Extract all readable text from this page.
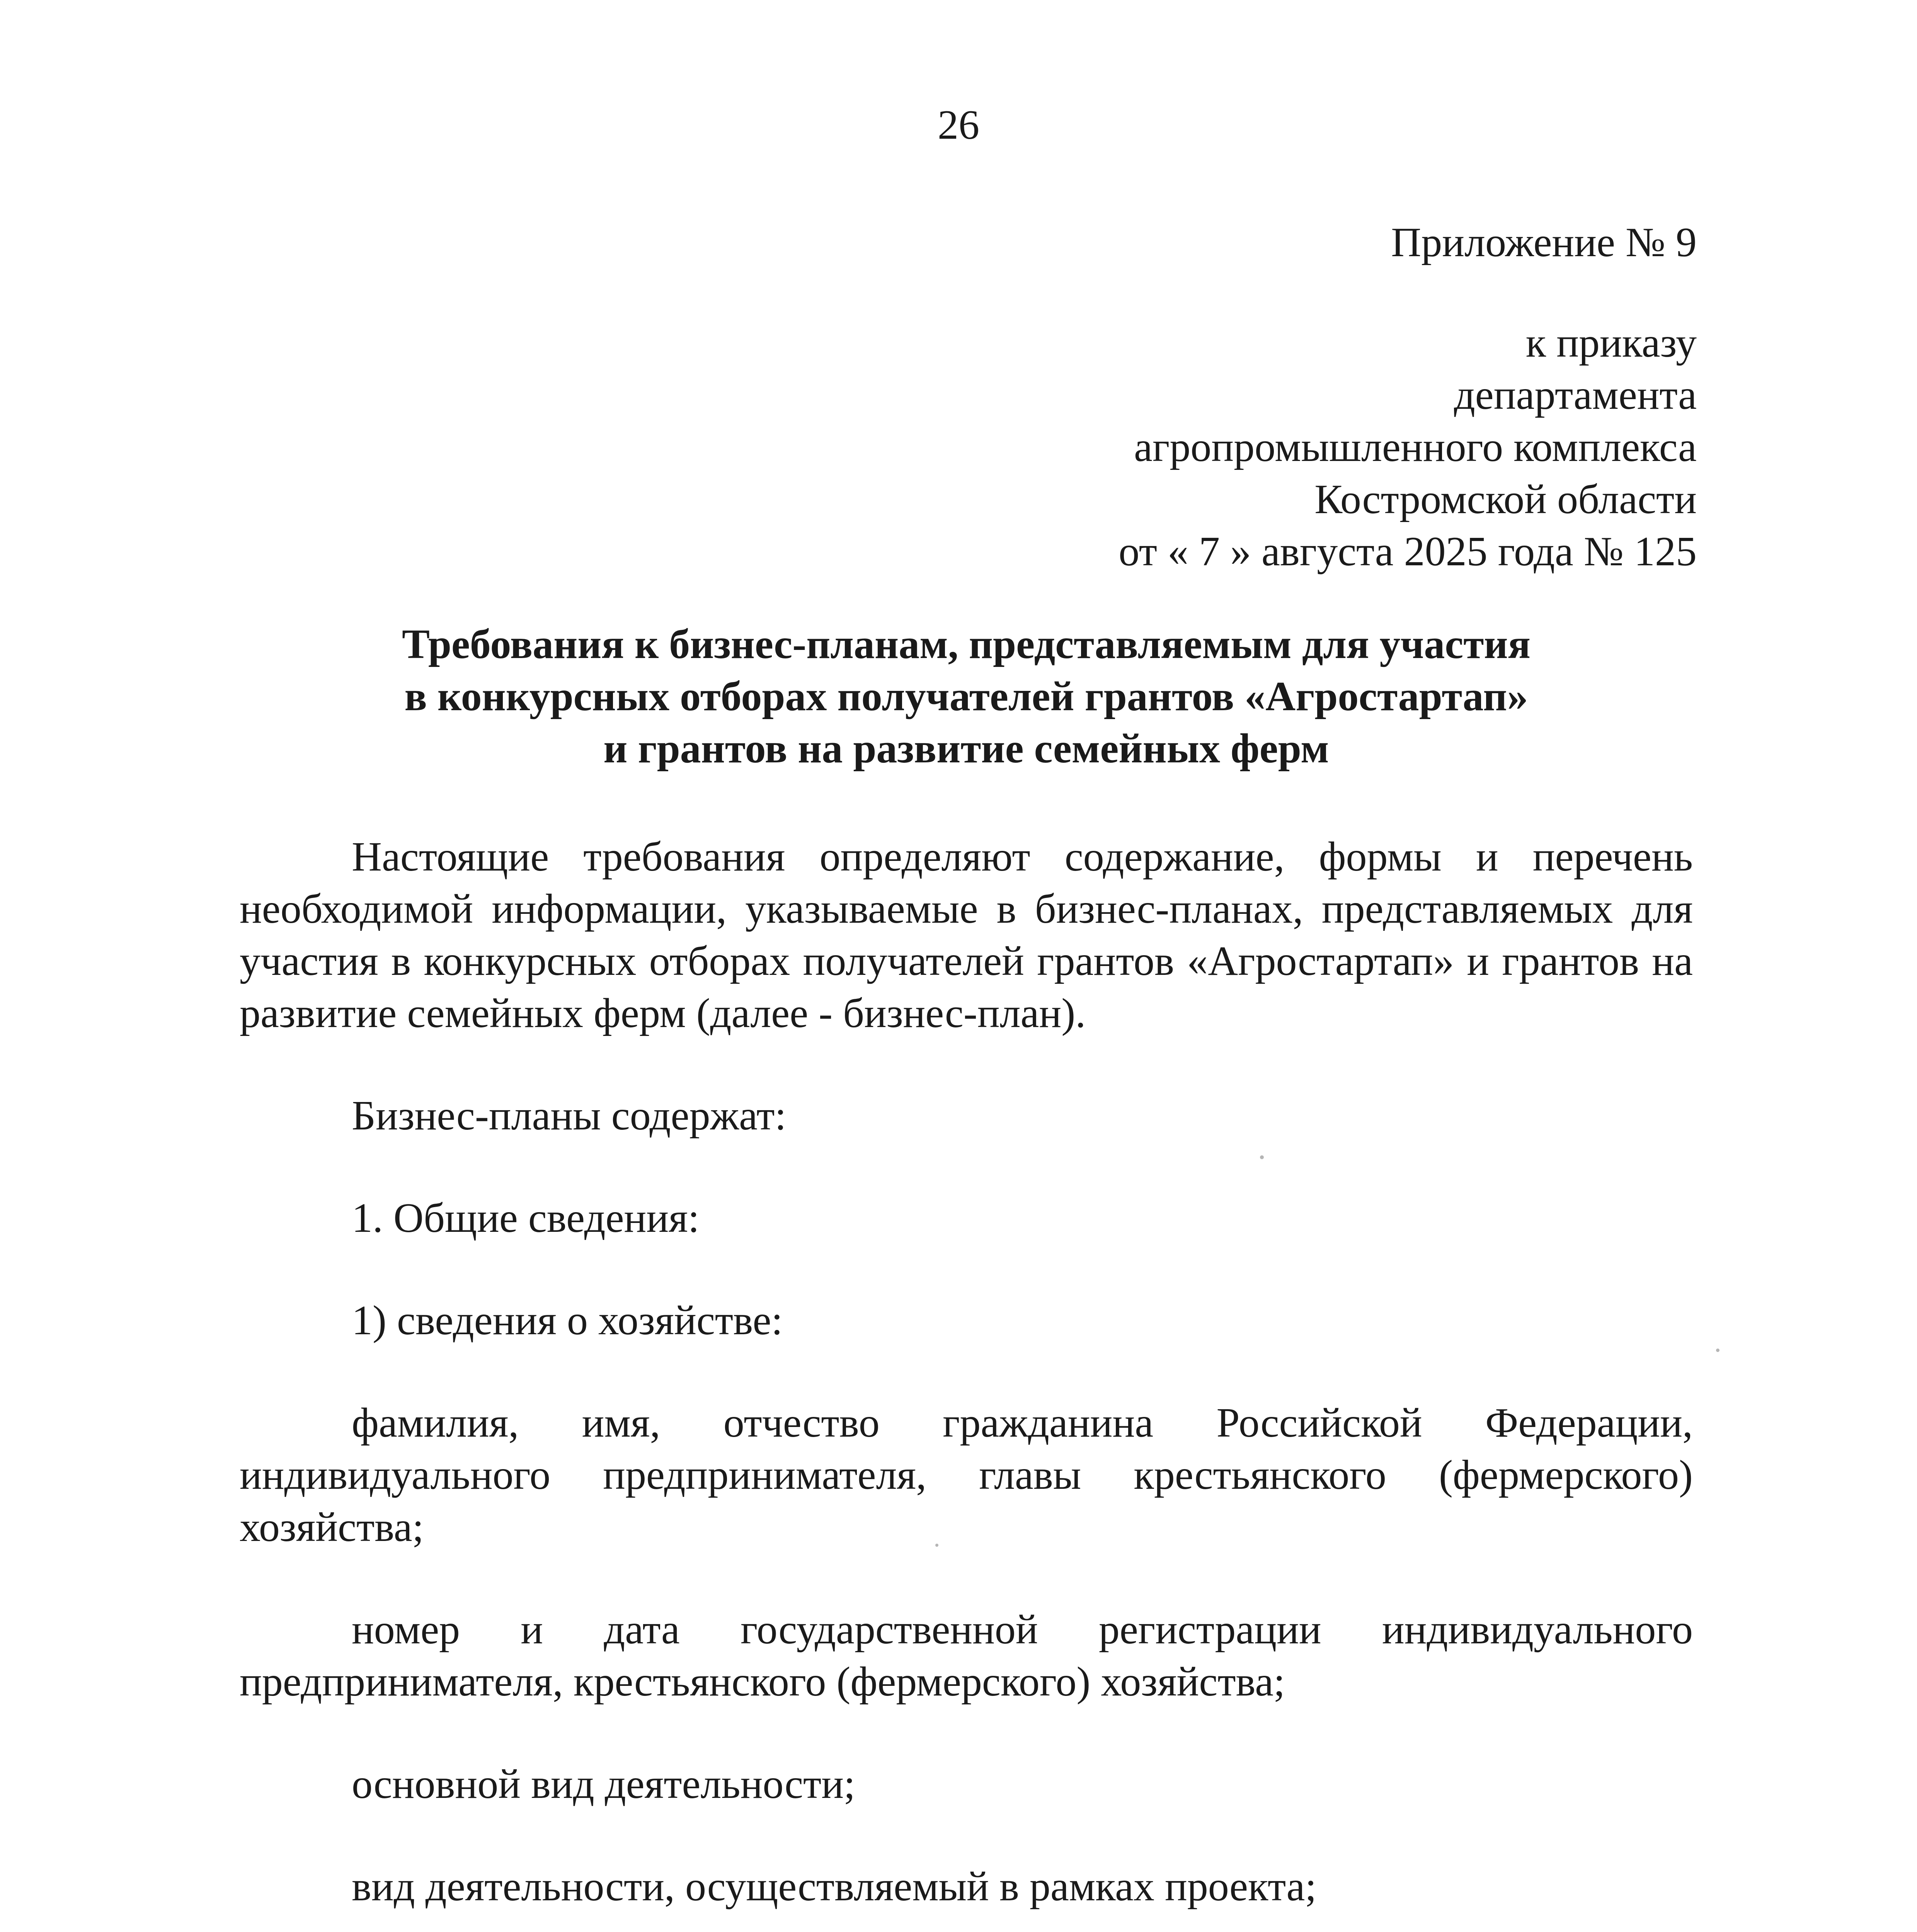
26
Приложение № 9
к приказу
департамента
агропромышленного комплекса
Костромской области
от « 7 » августа 2025 года № 125
Требования к бизнес-планам, представляемым для участия
в конкурсных отборах получателей грантов «Агростартап»
и грантов на развитие семейных ферм

Настоящие требования определяют содержание, формы и перечень необходимой информации, указываемые в бизнес-планах, представляемых для участия в конкурсных отборах получателей грантов «Агростартап» и грантов на развитие семейных ферм (далее - бизнес-план).

Бизнес-планы содержат:

1. Общие сведения:

1) сведения о хозяйстве:

фамилия, имя, отчество гражданина Российской Федерации, индивидуального предпринимателя, главы крестьянского (фермерского) хозяйства;

номер и дата государственной регистрации индивидуального предпринимателя, крестьянского (фермерского) хозяйства;

основной вид деятельности;

вид деятельности, осуществляемый в рамках проекта;
